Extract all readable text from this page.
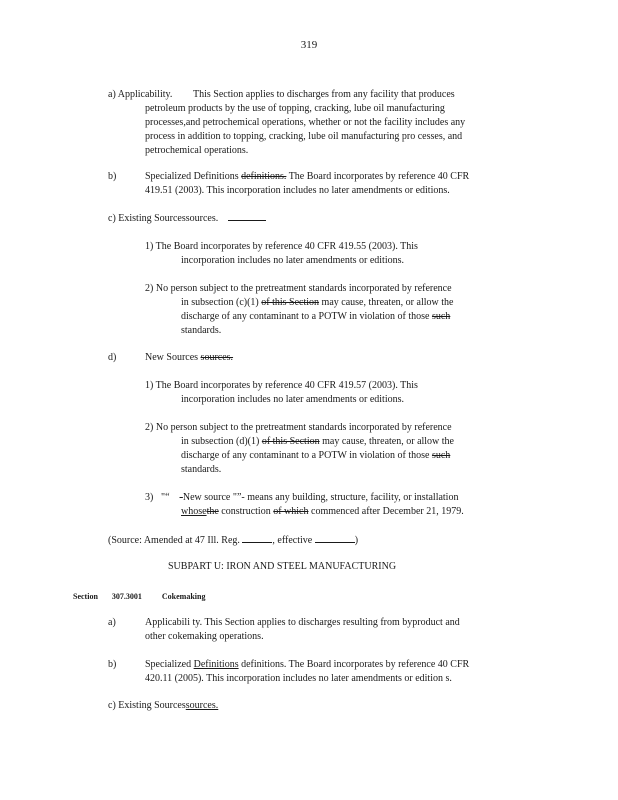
319
a) Applicability. This Section applies to discharges from any facility that produces
petroleum products by the use of topping, cracking, lube oil manufacturing
processes,and petrochemical operations, whether or not the facility includes any
process in addition to topping, cracking, lube oil manufacturing pro cesses, and
petrochemical operations.
b)	Specialized Definitions definitions. The Board incorporates by reference 40 CFR
419.51 (2003). This incorporation includes no later amendments or editions.
c) Existing Sourcessources.
1) The Board incorporates by reference 40 CFR 419.55 (2003). This
incorporation includes no later amendments or editions.
2) No person subject to the pretreatment standards incorporated by reference
in subsection (c)(1) of this Section may cause, threaten, or allow the
discharge of any contaminant to a POTW in violation of those such
standards.
d)	New Sources sources.
1) The Board incorporates by reference 40 CFR 419.57 (2003). This
incorporation includes no later amendments or editions.
2) No person subject to the pretreatment standards incorporated by reference
in subsection (d)(1) of this Section may cause, threaten, or allow the
discharge of any contaminant to a POTW in violation of those such
standards.
3) "“ -New source "”- means any building, structure, facility, or installation
whosethe construction of which commenced after December 21, 1979.
(Source: Amended at 47 Ill. Reg.	, effective	)
SUBPART U: IRON AND STEEL MANUFACTURING
Section 307.3001	Cokemaking
a)	Applicabili ty. This Section applies to discharges resulting from byproduct and
other cokemaking operations.
b)	Specialized Definitions definitions. The Board incorporates by reference 40 CFR
420.11 (2005). This incorporation includes no later amendments or edition s.
c) Existing Sourcessources.
